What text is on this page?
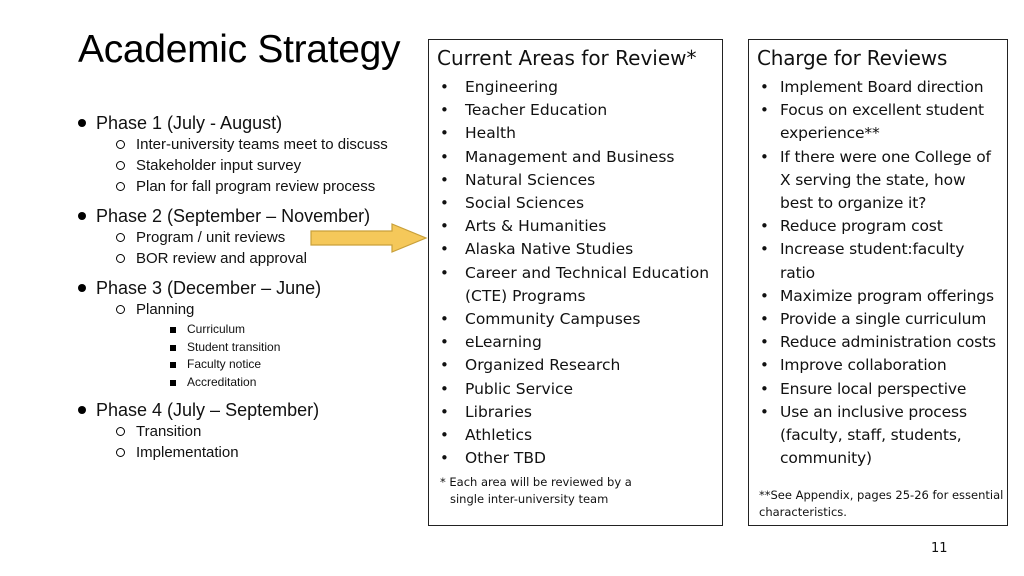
Academic Strategy
Phase 1 (July - August)
Inter-university teams meet to discuss
Stakeholder input survey
Plan for fall program review process
Phase 2 (September – November)
Program / unit reviews
BOR review and approval
Phase 3 (December – June)
Planning
Curriculum
Student transition
Faculty notice
Accreditation
Phase 4 (July – September)
Transition
Implementation
Current Areas for Review*
• Engineering
• Teacher Education
• Health
• Management and Business
• Natural Sciences
• Social Sciences
• Arts & Humanities
• Alaska Native Studies
• Career and Technical Education (CTE) Programs
• Community Campuses
• eLearning
• Organized Research
• Public Service
• Libraries
• Athletics
• Other TBD
* Each area will be reviewed by a
single inter-university team
Charge for Reviews
• Implement Board direction
• Focus on excellent student experience**
• If there were one College of X serving the state, how best to organize it?
• Reduce program cost
• Increase student:faculty ratio
• Maximize program offerings
• Provide a single curriculum
• Reduce administration costs
• Improve collaboration
• Ensure local perspective
• Use an inclusive process (faculty, staff, students, community)
**See Appendix, pages 25-26 for essential characteristics.
11
